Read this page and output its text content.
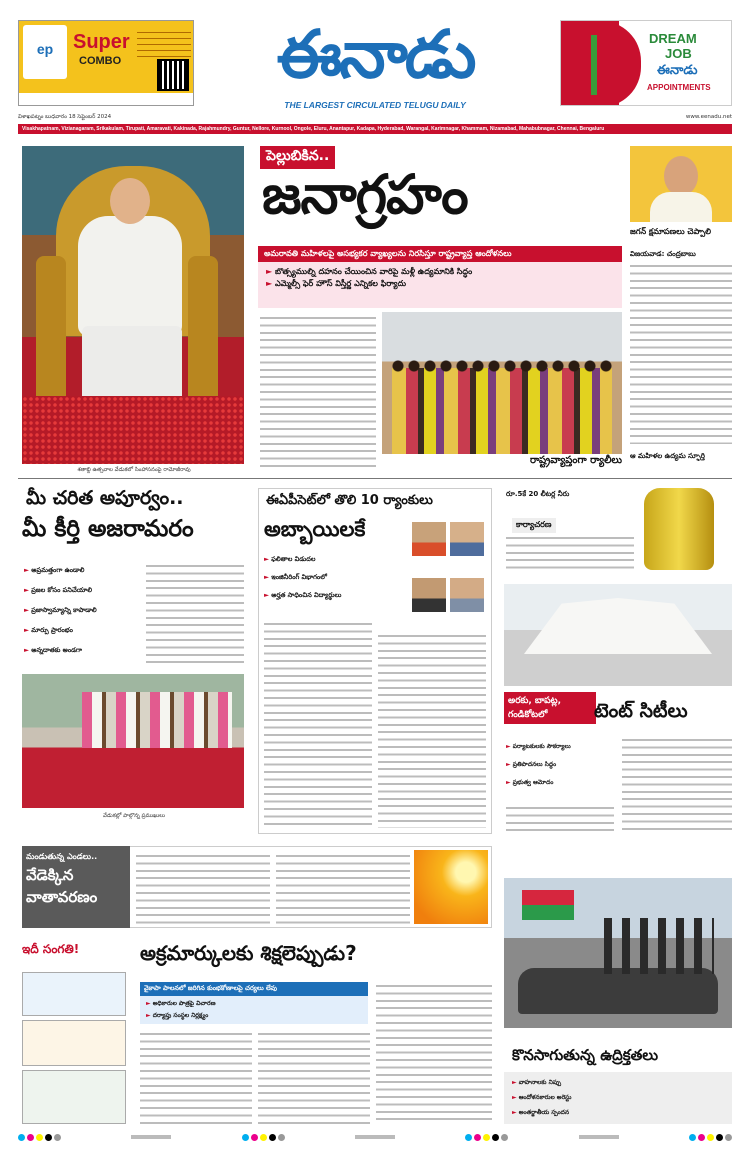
ep Super
COMBO	ఈనాడు
THE LARGEST CIRCULATED TELUGU DAILY
DREAM
JOB
ఈనాడు
APPOINTMENTS
విశాఖపట్నం బుధవారం 18 సెప్టెంబర్ 2024	www.eenadu.net
Visakhapatnam, Vizianagaram, Srikakulam, Tirupati, Amaravati, Kakinada, Rajahmundry, Guntur, Nellore, Kurnool, Ongole, Eluru, Anantapur, Kadapa, Hyderabad, Warangal, Karimnagar, Khammam, Nizamabad, Mahabubnagar, Chennai, Bengaluru
శతాబ్ది ఉత్సవాల వేడుకలో సింహాసనంపై రామోజీరావు
పెల్లుబికిన..
జనాగ్రహం
అమరావతి మహిళలపై అసభ్యకర వ్యాఖ్యలను నిరసిస్తూ రాష్ట్రవ్యాప్త ఆందోళనలు
► బొత్స్యముల్ని దహనం చేయించిన వారిపై మళ్లీ ఉద్యమానికి సిద్ధం
► ఎమ్మెల్సీ ఫెర్ హౌస్ విస్తీర్ణ ఎన్నికల ఫిర్యాదు
రాష్ట్రవ్యాప్తంగా ర్యాలీలు
జగన్ క్షమాపణలు చెప్పాలి
విజయవాడ: చంద్రబాబు
ఆ మహిళల ఉద్యమ స్ఫూర్తి
మీ చరిత అపూర్వం..
మీ కీర్తి అజరామరం
► అప్రమత్తంగా ఉండాలి
► ప్రజల కోసం పనిచేయాలి
► ప్రజాస్వామ్యాన్ని కాపాడాలి
► మార్పు ప్రారంభం
► అన్నదాతకు అండగా
వేడుకల్లో పాల్గొన్న ప్రముఖులు
ఈఏపీసెట్‌లో తొలి 10 ర్యాంకులు
అబ్బాయిలకే
► ఫలితాల విడుదల
► ఇంజినీరింగ్ విభాగంలో
► అర్హత సాధించిన విద్యార్థులు
రూ.5కే 20 లీటర్ల నీరు
కార్యాచరణ
అరకు, బాపట్ల, గండికోటలో	టెంట్ సిటీలు
► పర్యాటకులకు సౌకర్యాలు
► ప్రతిపాదనలు సిద్ధం
► ప్రభుత్వ ఆమోదం
మండుతున్న ఎండలు..
వేడెక్కిన
వాతావరణం
ఇదీ సంగతి!	అక్రమార్కులకు శిక్షలెప్పుడు?
వైకాపా పాలనలో జరిగిన కుంభకోణాలపై చర్యలు లేవు
► అధికారుల పాత్రపై విచారణ
► దర్యాప్తు సంస్థల నిర్లక్ష్యం
కొనసాగుతున్న ఉద్రిక్తతలు
► వాహనాలకు నిప్పు
► ఆందోళనకారుల అరెస్టు
► అంతర్జాతీయ స్పందన
